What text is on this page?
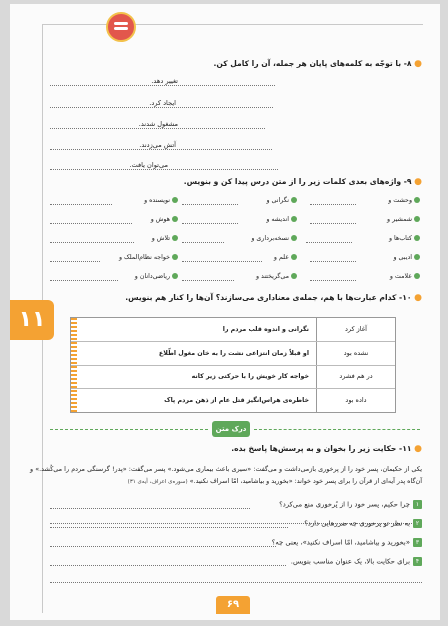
● ۸- با توجّه به کلمه‌های پایان هر جمله، آن را کامل کن.
تغییر دهد.
ایجاد کرد.
مشغول شدند.
آتش می‌زدند.
می‌توان یافت.
● ۹- واژه‌های بعدی کلمات زیر را از متن درس پیدا کن و بنویس.
وحشت و
نگرانی و
نویسنده و
شمشیر و
اندیشه و
هوش و
کتاب‌ها و
نسخه‌برداری و
تلاش و
ادیبی و
علم و
خواجه نظام‌الملک و
علامت و
می‌گریختند و
ریاضی‌دانان و
۱۱
● ۱۰- کدام عبارت‌ها با هم، جمله‌ی معناداری می‌سازند؟ آن‌ها را کنار هم بنویس.
آغاز کرد
نشده بود
در هم فشرد
داده بود
نگرانی و اندوه قلب مردم را
او قبلاً زمان انتزاعی نشت را به خان مغول اطّلاع
خواجه کار خویش را با حرکتی زیر کانه
خاطره‌ی هراس‌انگیز قتل عام از ذهن مردم پاک
درک متن
● ۱۱- حکایت زیر را بخوان و به پرسش‌ها پاسخ بده.
یکی از حکیمان، پسر خود را از پرخوری بازمی‌داشت و می‌گفت: «سیری باعث بیماری می‌شود.» پسر می‌گفت: «پدر! گرسنگی مردم را می‌کُشد.» و آن‌گاه پدر آیه‌ای از قرآن را برای پسر خود خواند: «بخورید و بیاشامید، امّا اسراف نکنید.» (سوره‌ی اعراف، آیه‌ی ۳۱)
۱چرا حکیم، پسر خود را از پُرخوری منع می‌کرد؟
۲به نظر تو پرخوری چه ضررهایی دارد؟
۳«بخورید و بیاشامید، امّا اسراف نکنید»، یعنی چه؟
۴برای حکایت بالا، یک عنوان مناسب بنویس.
۶۹
